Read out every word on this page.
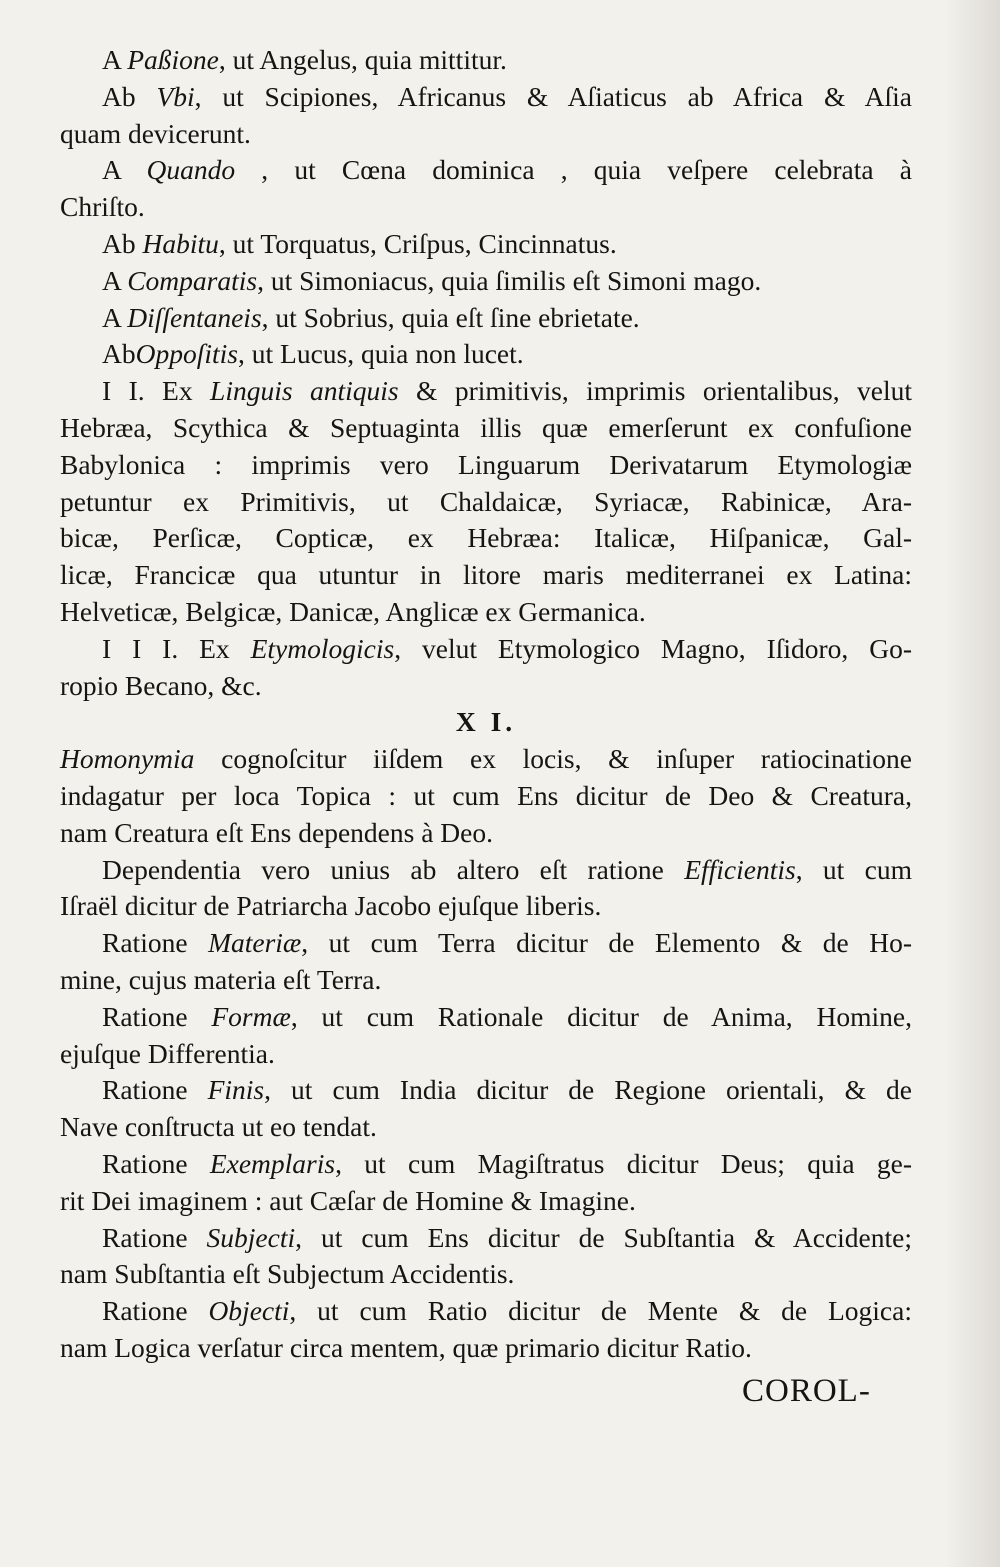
A Paßione, ut Angelus, quia mittitur.
Ab Vbi, ut Scipiones, Africanus & Aſiaticus ab Africa & Aſia
quam devicerunt.
A Quando , ut Cœna dominica , quia veſpere celebrata à
Chriſto.
Ab Habitu, ut Torquatus, Criſpus, Cincinnatus.
A Comparatis, ut Simoniacus, quia ſimilis eſt Simoni mago.
A Diſſentaneis, ut Sobrius, quia eſt ſine ebrietate.
AbOppoſitis, ut Lucus, quia non lucet.
I I. Ex Linguis antiquis & primitivis, imprimis orientalibus, velut
Hebræa, Scythica & Septuaginta illis quæ emerſerunt ex confuſione
Babylonica : imprimis vero Linguarum Derivatarum Etymologiæ
petuntur ex Primitivis, ut Chaldaicæ, Syriacæ, Rabinicæ, Ara-
bicæ, Perſicæ, Copticæ, ex Hebræa: Italicæ, Hiſpanicæ, Gal-
licæ, Francicæ qua utuntur in litore maris mediterranei ex Latina:
Helveticæ, Belgicæ, Danicæ, Anglicæ ex Germanica.
I I I. Ex Etymologicis, velut Etymologico Magno, Iſidoro, Go-
ropio Becano, &c.
X I.
Homonymia cognoſcitur iiſdem ex locis, & inſuper ratiocinatione
indagatur per loca Topica : ut cum Ens dicitur de Deo & Creatura,
nam Creatura eſt Ens dependens à Deo.
Dependentia vero unius ab altero eſt ratione Efficientis, ut cum
Iſraël dicitur de Patriarcha Jacobo ejuſque liberis.
Ratione Materiæ, ut cum Terra dicitur de Elemento & de Ho-
mine, cujus materia eſt Terra.
Ratione Formæ, ut cum Rationale dicitur de Anima, Homine,
ejuſque Differentia.
Ratione Finis, ut cum India dicitur de Regione orientali, & de
Nave conſtructa ut eo tendat.
Ratione Exemplaris, ut cum Magiſtratus dicitur Deus; quia ge-
rit Dei imaginem : aut Cæſar de Homine & Imagine.
Ratione Subjecti, ut cum Ens dicitur de Subſtantia & Accidente;
nam Subſtantia eſt Subjectum Accidentis.
Ratione Objecti, ut cum Ratio dicitur de Mente & de Logica:
nam Logica verſatur circa mentem, quæ primario dicitur Ratio.
COROL-
